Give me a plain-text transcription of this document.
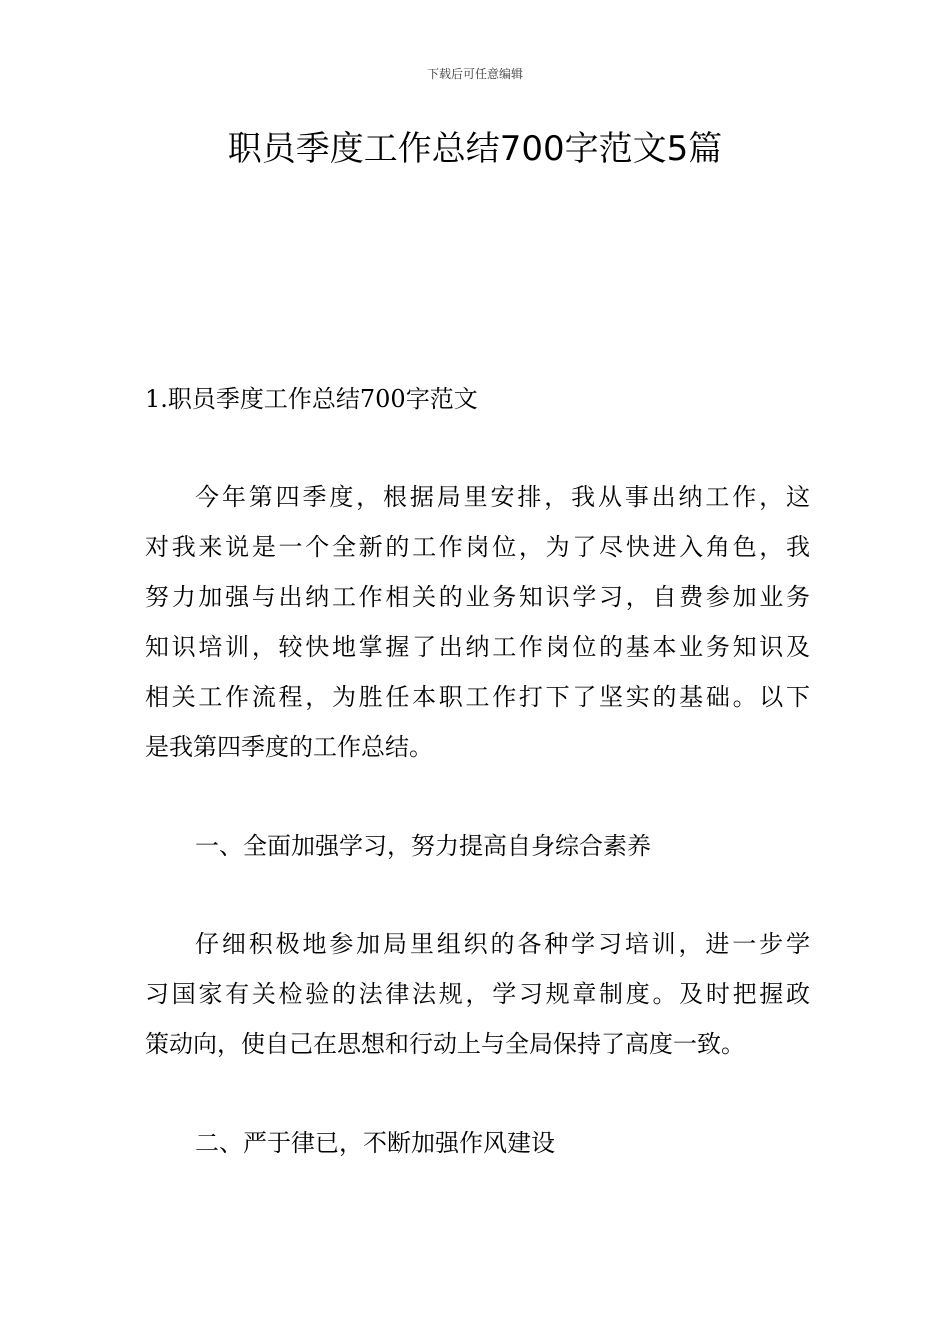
下载后可任意编辑
职员季度工作总结700字范文5篇
1.职员季度工作总结700字范文
今年第四季度，根据局里安排，我从事出纳工作，这
对我来说是一个全新的工作岗位，为了尽快进入角色，我
努力加强与出纳工作相关的业务知识学习，自费参加业务
知识培训，较快地掌握了出纳工作岗位的基本业务知识及
相关工作流程，为胜任本职工作打下了坚实的基础。以下
是我第四季度的工作总结。
一、全面加强学习，努力提高自身综合素养
仔细积极地参加局里组织的各种学习培训，进一步学
习国家有关检验的法律法规，学习规章制度。及时把握政
策动向，使自己在思想和行动上与全局保持了高度一致。
二、严于律已，不断加强作风建设
